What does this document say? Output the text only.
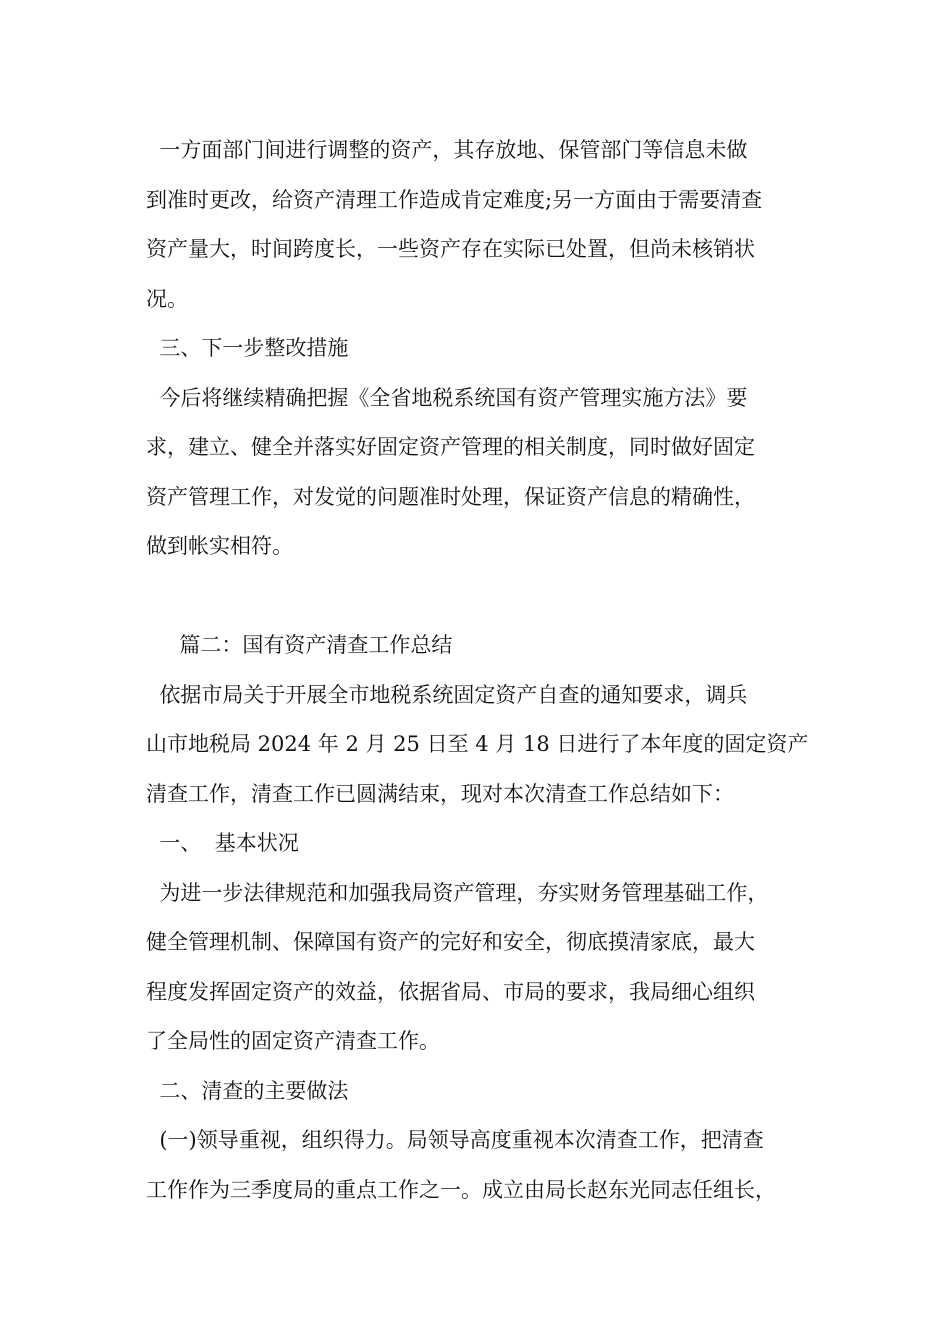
一方面部门间进行调整的资产，其存放地、保管部门等信息未做
到准时更改，给资产清理工作造成肯定难度;另一方面由于需要清查
资产量大，时间跨度长，一些资产存在实际已处置，但尚未核销状
况。
三、下一步整改措施
今后将继续精确把握《全省地税系统国有资产管理实施方法》要
求，建立、健全并落实好固定资产管理的相关制度，同时做好固定
资产管理工作，对发觉的问题准时处理，保证资产信息的精确性，
做到帐实相符。
篇二：国有资产清查工作总结
依据市局关于开展全市地税系统固定资产自查的通知要求，调兵
山市地税局 2024 年 2 月 25 日至 4 月 18 日进行了本年度的固定资产
清查工作，清查工作已圆满结束，现对本次清查工作总结如下：
一、  基本状况
为进一步法律规范和加强我局资产管理，夯实财务管理基础工作，
健全管理机制、保障国有资产的完好和安全，彻底摸清家底，最大
程度发挥固定资产的效益，依据省局、市局的要求，我局细心组织
了全局性的固定资产清查工作。
二、清查的主要做法
(一)领导重视，组织得力。局领导高度重视本次清查工作，把清查
工作作为三季度局的重点工作之一。成立由局长赵东光同志任组长，
